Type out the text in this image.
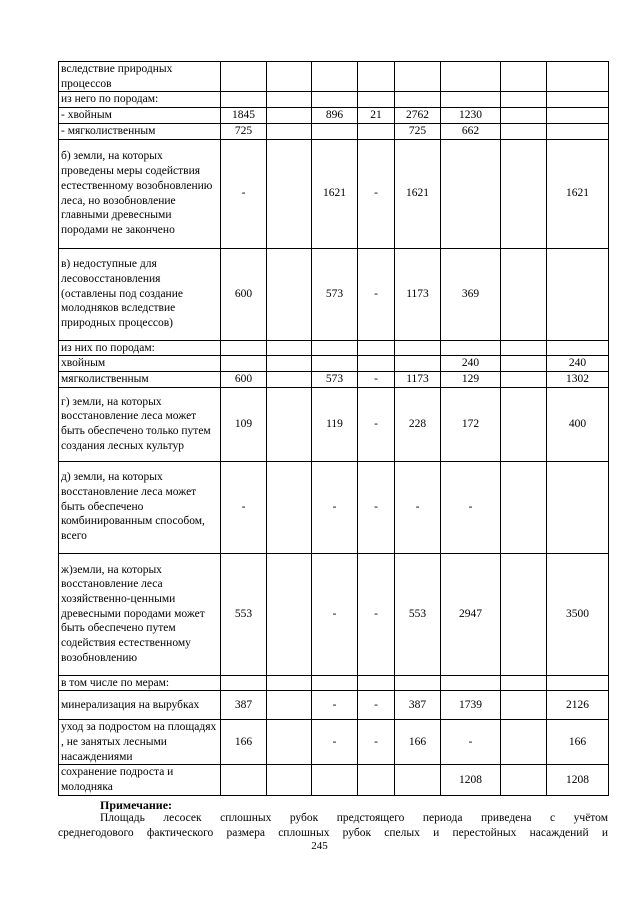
вследствие природных процессов								
из него по породам:								
- хвойным	1845		896	21	2762	1230		
- мягколиственным	725				725	662		
б) земли, на которых проведены меры содействия естественному возобновлению леса, но возобновление главными древесными породами не закончено	-		1621	-	1621			1621
в) недоступные для лесовосстановления (оставлены под создание молодняков вследствие природных процессов)	600		573	-	1173	369		
из них по породам:								
хвойным						240		240
мягколиственным	600		573	-	1173	129		1302
г) земли, на которых восстановление леса может быть обеспечено только путем создания лесных культур	109		119	-	228	172		400
д) земли, на которых восстановление леса может быть обеспечено комбинированным способом, всего	-		-	-	-	-		
ж)земли, на которых восстановление леса хозяйственно-ценными древесными породами может быть обеспечено путем содействия естественному возобновлению	553		-	-	553	2947		3500
в том числе по мерам:								
минерализация на вырубках	387		-	-	387	1739		2126
уход за подростом на площадях , не занятых лесными насаждениями	166		-	-	166	-		166
сохранение подроста и молодняка						1208		1208
Примечание:

Площадь лесосек сплошных рубок предстоящего периода приведена с учётом

среднегодового фактического размера сплошных рубок спелых и перестойных насаждений и

245
